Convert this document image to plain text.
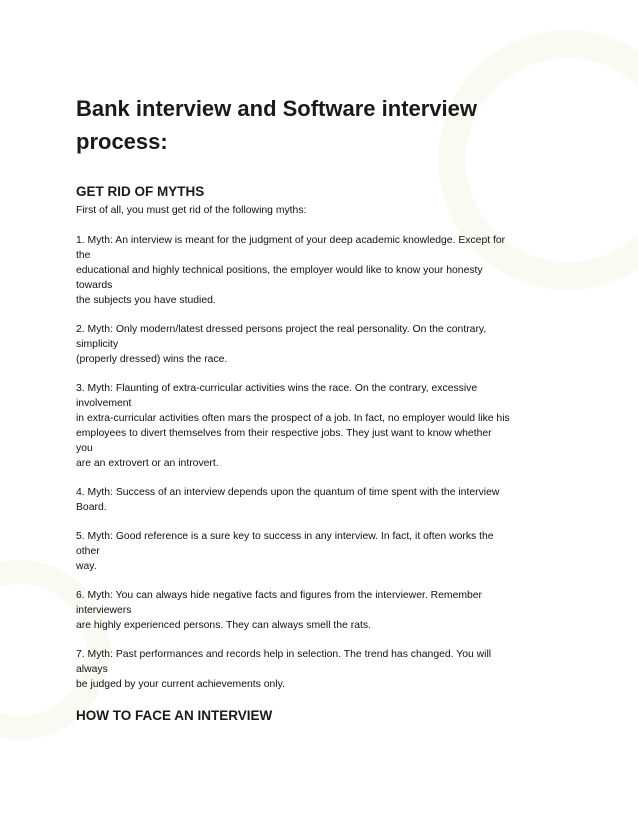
Bank interview and Software interview
process:
GET RID OF MYTHS
First of all, you must get rid of the following myths:
1. Myth: An interview is meant for the judgment of your deep academic knowledge. Except for
the
educational and highly technical positions, the employer would like to know your honesty
towards
the subjects you have studied.
2. Myth: Only modern/latest dressed persons project the real personality. On the contrary,
simplicity
(properly dressed) wins the race.
3. Myth: Flaunting of extra-curricular activities wins the race. On the contrary, excessive
involvement
in extra-curricular activities often mars the prospect of a job. In fact, no employer would like his
employees to divert themselves from their respective jobs. They just want to know whether
you
are an extrovert or an introvert.
4. Myth: Success of an interview depends upon the quantum of time spent with the interview
Board.
5. Myth: Good reference is a sure key to success in any interview. In fact, it often works the
other
way.
6. Myth: You can always hide negative facts and figures from the interviewer. Remember
interviewers
are highly experienced persons. They can always smell the rats.
7. Myth: Past performances and records help in selection. The trend has changed. You will
always
be judged by your current achievements only.
HOW TO FACE AN INTERVIEW
